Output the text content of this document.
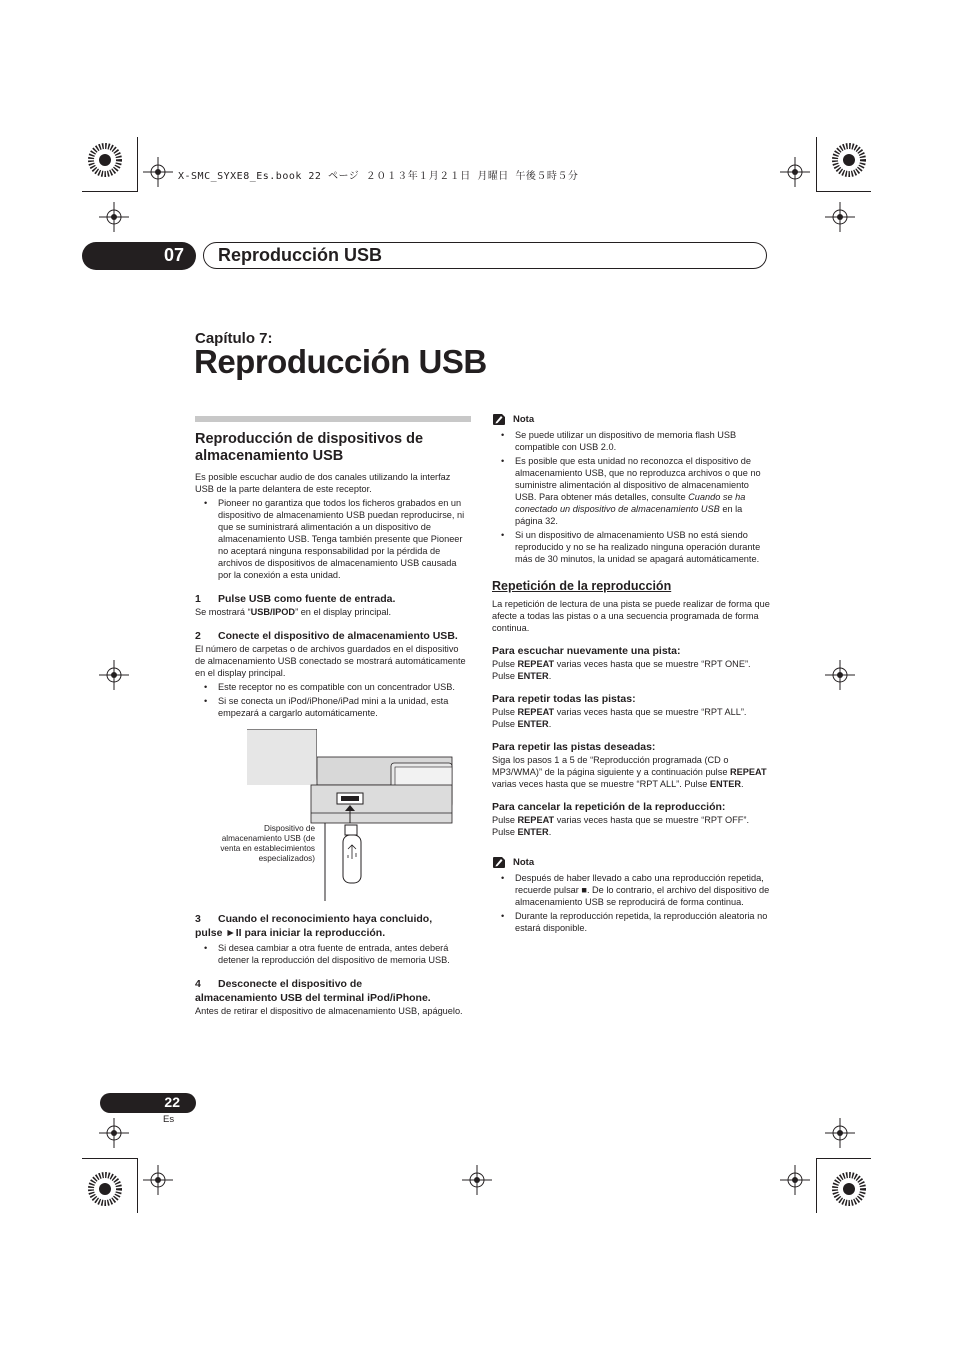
X-SMC_SYXE8_Es.book 22 ページ ２０１３年１月２１日 月曜日 午後５時５分
07 Reproducción USB
Capítulo 7:
Reproducción USB
Reproducción de dispositivos de almacenamiento USB

Es posible escuchar audio de dos canales utilizando la interfaz USB de la parte delantera de este receptor.

• Pioneer no garantiza que todos los ficheros grabados en un dispositivo de almacenamiento USB puedan reproducirse, ni que se suministrará alimentación a un dispositivo de almacenamiento USB. Tenga también presente que Pioneer no aceptará ninguna responsabilidad por la pérdida de archivos de dispositivos de almacenamiento USB causada por la conexión a esta unidad.
1 Pulse USB como fuente de entrada.

Se mostrará “USB/IPOD” en el display principal.

2 Conecte el dispositivo de almacenamiento USB.

El número de carpetas o de archivos guardados en el dispositivo de almacenamiento USB conectado se mostrará automáticamente en el display principal.

• Este receptor no es compatible con un concentrador USB.
• Si se conecta un iPod/iPhone/iPad mini a la unidad, esta empezará a cargarlo automáticamente.
Dispositivo de almacenamiento USB (de venta en establecimientos especializados)
3 Cuando el reconocimiento haya concluido,
pulse ►II para iniciar la reproducción.
• Si desea cambiar a otra fuente de entrada, antes deberá detener la reproducción del dispositivo de memoria USB.
4 Desconecte el dispositivo de
almacenamiento USB del terminal iPod/iPhone.

Antes de retirar el dispositivo de almacenamiento USB, apáguelo.

Nota
• Se puede utilizar un dispositivo de memoria flash USB compatible con USB 2.0.
• Es posible que esta unidad no reconozca el dispositivo de almacenamiento USB, que no reproduzca archivos o que no suministre alimentación al dispositivo de almacenamiento USB. Para obtener más detalles, consulte Cuando se ha conectado un dispositivo de almacenamiento USB en la página 32.
• Si un dispositivo de almacenamiento USB no está siendo reproducido y no se ha realizado ninguna operación durante más de 30 minutos, la unidad se apagará automáticamente.
Repetición de la reproducción

La repetición de lectura de una pista se puede realizar de forma que afecte a todas las pistas o a una secuencia programada de forma continua.

Para escuchar nuevamente una pista:

Pulse REPEAT varias veces hasta que se muestre “RPT ONE”. Pulse ENTER.

Para repetir todas las pistas:

Pulse REPEAT varias veces hasta que se muestre “RPT ALL”. Pulse ENTER.

Para repetir las pistas deseadas:

Siga los pasos 1 a 5 de “Reproducción programada (CD o MP3/WMA)” de la página siguiente y a continuación pulse REPEAT varias veces hasta que se muestre “RPT ALL”. Pulse ENTER.

Para cancelar la repetición de la reproducción:

Pulse REPEAT varias veces hasta que se muestre “RPT OFF”. Pulse ENTER.

Nota
• Después de haber llevado a cabo una reproducción repetida, recuerde pulsar ■. De lo contrario, el archivo del dispositivo de almacenamiento USB se reproducirá de forma continua.
• Durante la reproducción repetida, la reproducción aleatoria no estará disponible.
22
Es
